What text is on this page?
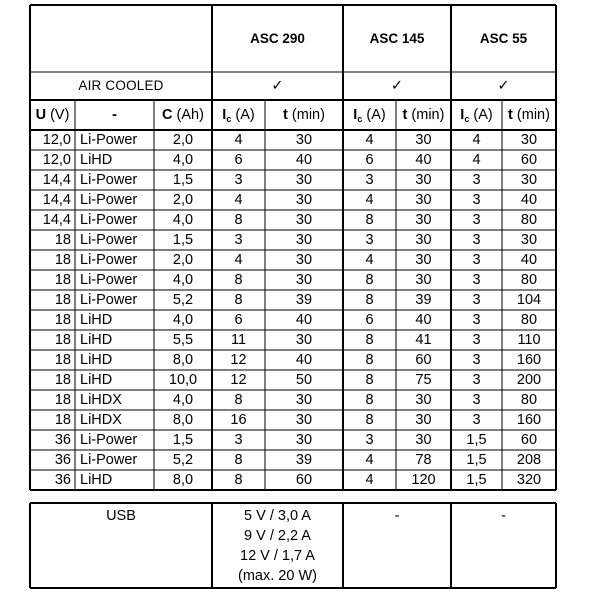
ASC 290	ASC 145	ASC 55
AIR COOLED	✓	✓	✓
U (V)	-	C (Ah)	$I_c$ (A)	t (min)	$I_c$ (A)	t (min)	$I_c$ (A)	t (min)
12,0 Li-Power	2,0	4	30	4	30	4	30
12,0 LiHD	4,0	6	40	6	40	4	60
14,4 Li-Power	1,5	3	30	3	30	3	30
14,4 Li-Power	2,0	4	30	4	30	3	40
14,4 Li-Power	4,0	8	30	8	30	3	80
18 Li-Power	1,5	3	30	3	30	3	30
18 Li-Power	2,0	4	30	4	30	3	40
18 Li-Power	4,0	8	30	8	30	3	80
18 Li-Power	5,2	8	39	8	39	3	104
18 LiHD	4,0	6	40	6	40	3	80
18 LiHD	5,5	11	30	8	41	3	110
18 LiHD	8,0	12	40	8	60	3	160
18 LiHD	10,0	12	50	8	75	3	200
18 LiHDX	4,0	8	30	8	30	3	80
18 LiHDX	8,0	16	30	8	30	3	160
36 Li-Power	1,5	3	30	3	30	1,5	60
36 Li-Power	5,2	8	39	4	78	1,5	208
36 LiHD	8,0	8	60	4	120	1,5	320
USB	5 V / 3,0 A
9 V / 2,2 A
12 V / 1,7 A
(max. 20 W)
-	-
